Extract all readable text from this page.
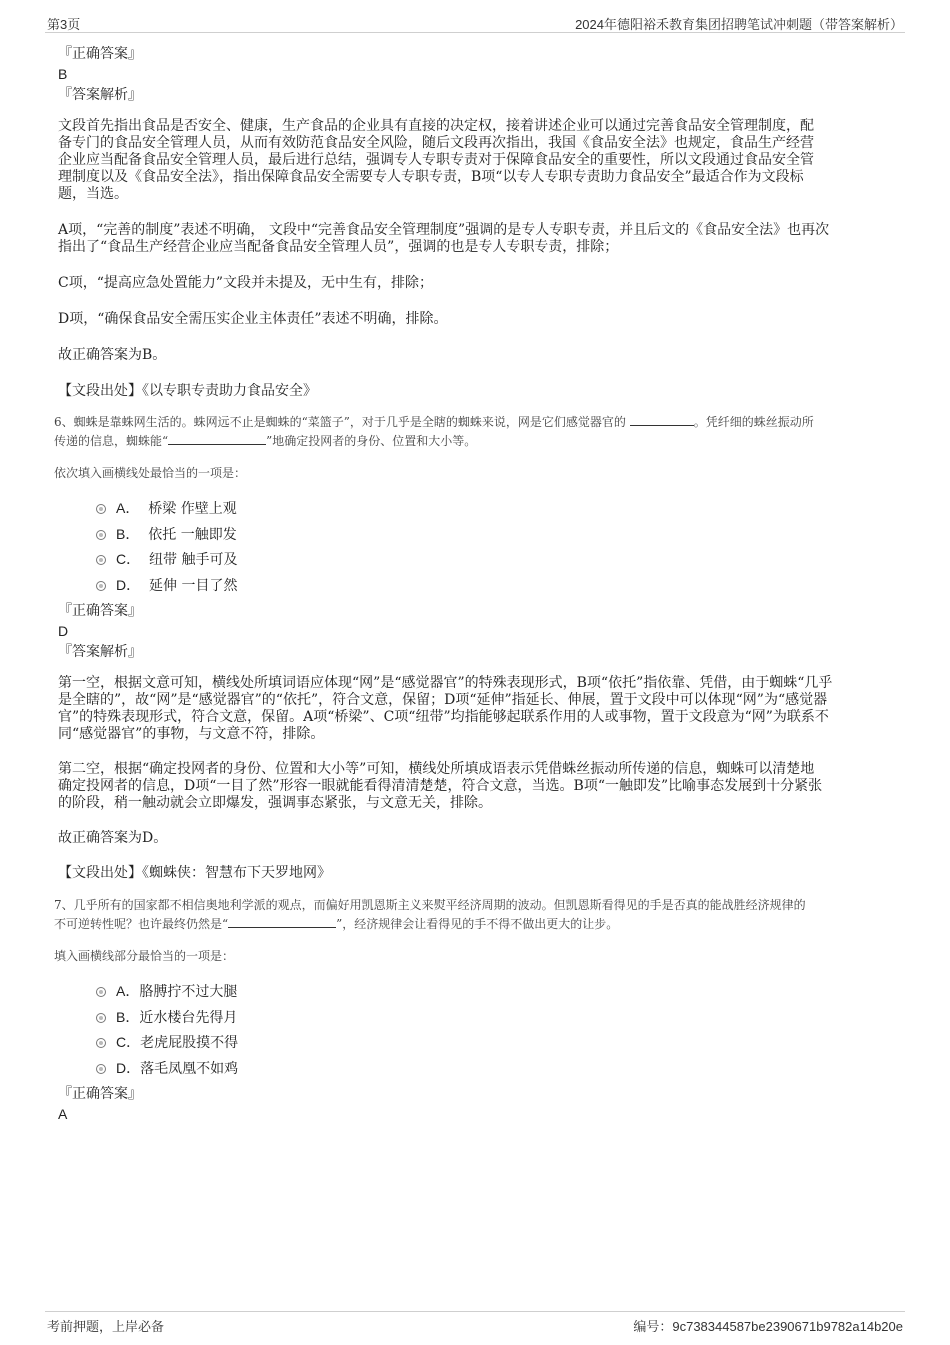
第3页	2024年德阳裕禾教育集团招聘笔试冲刺题（带答案解析）

『正确答案』

B

『答案解析』

文段首先指出食品是否安全、健康，生产食品的企业具有直接的决定权，接着讲述企业可以通过完善食品安全管理制度，配
备专门的食品安全管理人员，从而有效防范食品安全风险，随后文段再次指出，我国《食品安全法》也规定，食品生产经营
企业应当配备食品安全管理人员，最后进行总结，强调专人专职专责对于保障食品安全的重要性，所以文段通过食品安全管
理制度以及《食品安全法》，指出保障食品安全需要专人专职专责，B项“以专人专职专责助力食品安全”最适合作为文段标
题，当选。

A项，“完善的制度”表述不明确， 文段中“完善食品安全管理制度”强调的是专人专职专责，并且后文的《食品安全法》也再次
指出了“食品生产经营企业应当配备食品安全管理人员”，强调的也是专人专职专责，排除；

C项，“提高应急处置能力”文段并未提及，无中生有，排除；

D项，“确保食品安全需压实企业主体责任”表述不明确，排除。

故正确答案为B。

【文段出处】《以专职专责助力食品安全》

6、蜘蛛是靠蛛网生活的。蛛网远不止是蜘蛛的“菜篮子”，对于几乎是全瞎的蜘蛛来说，网是它们感觉器官的	。凭纤细的蛛丝振动所
传递的信息，蜘蛛能“	”地确定投网者的身份、位置和大小等。

依次填入画横线处最恰当的一项是：

A． 桥梁 作壁上观
B． 依托 一触即发
C． 纽带 触手可及
D． 延伸 一目了然

『正确答案』

D

『答案解析』

第一空，根据文意可知，横线处所填词语应体现“网”是“感觉器官”的特殊表现形式，B项“依托”指依靠、凭借，由于蜘蛛“几乎
是全瞎的”，故“网”是“感觉器官”的“依托”，符合文意，保留；D项“延伸”指延长、伸展，置于文段中可以体现“网”为“感觉器
官”的特殊表现形式，符合文意，保留。A项“桥梁”、C项“纽带”均指能够起联系作用的人或事物，置于文段意为“网”为联系不
同“感觉器官”的事物，与文意不符，排除。

第二空，根据“确定投网者的身份、位置和大小等”可知，横线处所填成语表示凭借蛛丝振动所传递的信息，蜘蛛可以清楚地
确定投网者的信息，D项“一目了然”形容一眼就能看得清清楚楚，符合文意，当选。B项“一触即发”比喻事态发展到十分紧张
的阶段，稍一触动就会立即爆发，强调事态紧张，与文意无关，排除。

故正确答案为D。

【文段出处】《蜘蛛侠：智慧布下天罗地网》

7、几乎所有的国家都不相信奥地利学派的观点，而偏好用凯恩斯主义来熨平经济周期的波动。但凯恩斯看得见的手是否真的能战胜经济规律的
不可逆转性呢？也许最终仍然是“	”，经济规律会让看得见的手不得不做出更大的让步。

填入画横线部分最恰当的一项是：

A．胳膊拧不过大腿
B．近水楼台先得月
C．老虎屁股摸不得
D．落毛凤凰不如鸡

『正确答案』

A

考前押题，上岸必备	编号：9c738344587be2390671b9782a14b20e
